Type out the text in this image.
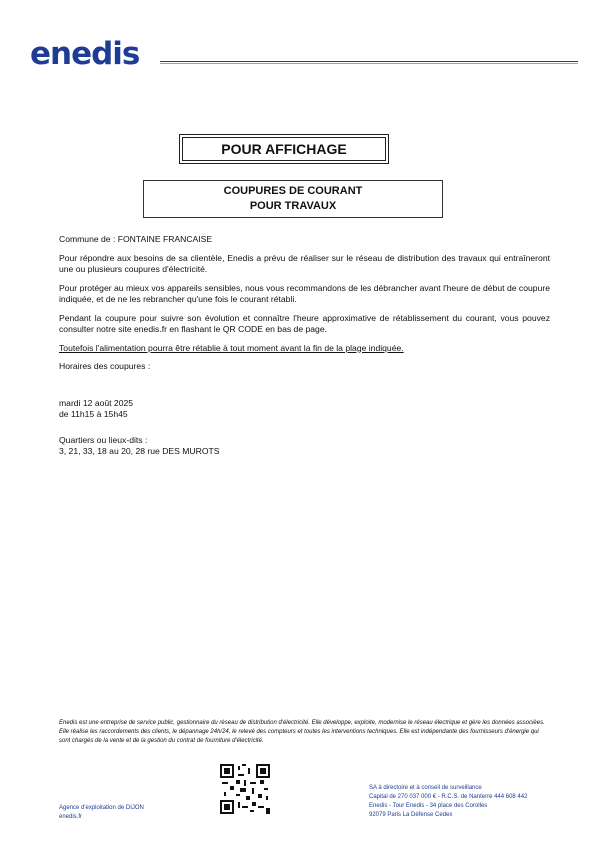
enedis
POUR AFFICHAGE
COUPURES DE COURANT
POUR TRAVAUX

Commune de : FONTAINE FRANCAISE

Pour répondre aux besoins de sa clientèle, Enedis a prévu de réaliser sur le réseau de distribution des travaux qui entraîneront une ou plusieurs coupures d'électricité.

Pour protéger au mieux vos appareils sensibles, nous vous recommandons de les débrancher avant l'heure de début de coupure indiquée, et de ne les rebrancher qu'une fois le courant rétabli.

Pendant la coupure pour suivre son évolution et connaître l'heure approximative de rétablissement du courant, vous pouvez consulter notre site enedis.fr en flashant le QR CODE en bas de page.

Toutefois l'alimentation pourra être rétablie à tout moment avant la fin de la plage indiquée.

Horaires des coupures :

mardi 12 août 2025
de 11h15 à 15h45
Quartiers ou lieux-dits :
3, 21, 33, 18 au 20, 28 rue DES MUROTS
Enedis est une entreprise de service public, gestionnaire du réseau de distribution d'électricité. Elle développe, exploite, modernise le réseau électrique et gère les données associées. Elle réalise les raccordements des clients, le dépannage 24h/24, le relevé des compteurs et toutes les interventions techniques. Elle est indépendante des fournisseurs d'énergie qui sont chargés de la vente et de la gestion du contrat de fourniture d'électricité.
Agence d'exploitation de DIJON
enedis.fr
SA à directoire et à conseil de surveillance
Capital de 270 037 000 € - R.C.S. de Nanterre 444 608 442
Enedis - Tour Enedis - 34 place des Corolles
92079 Paris La Défense Cedex
